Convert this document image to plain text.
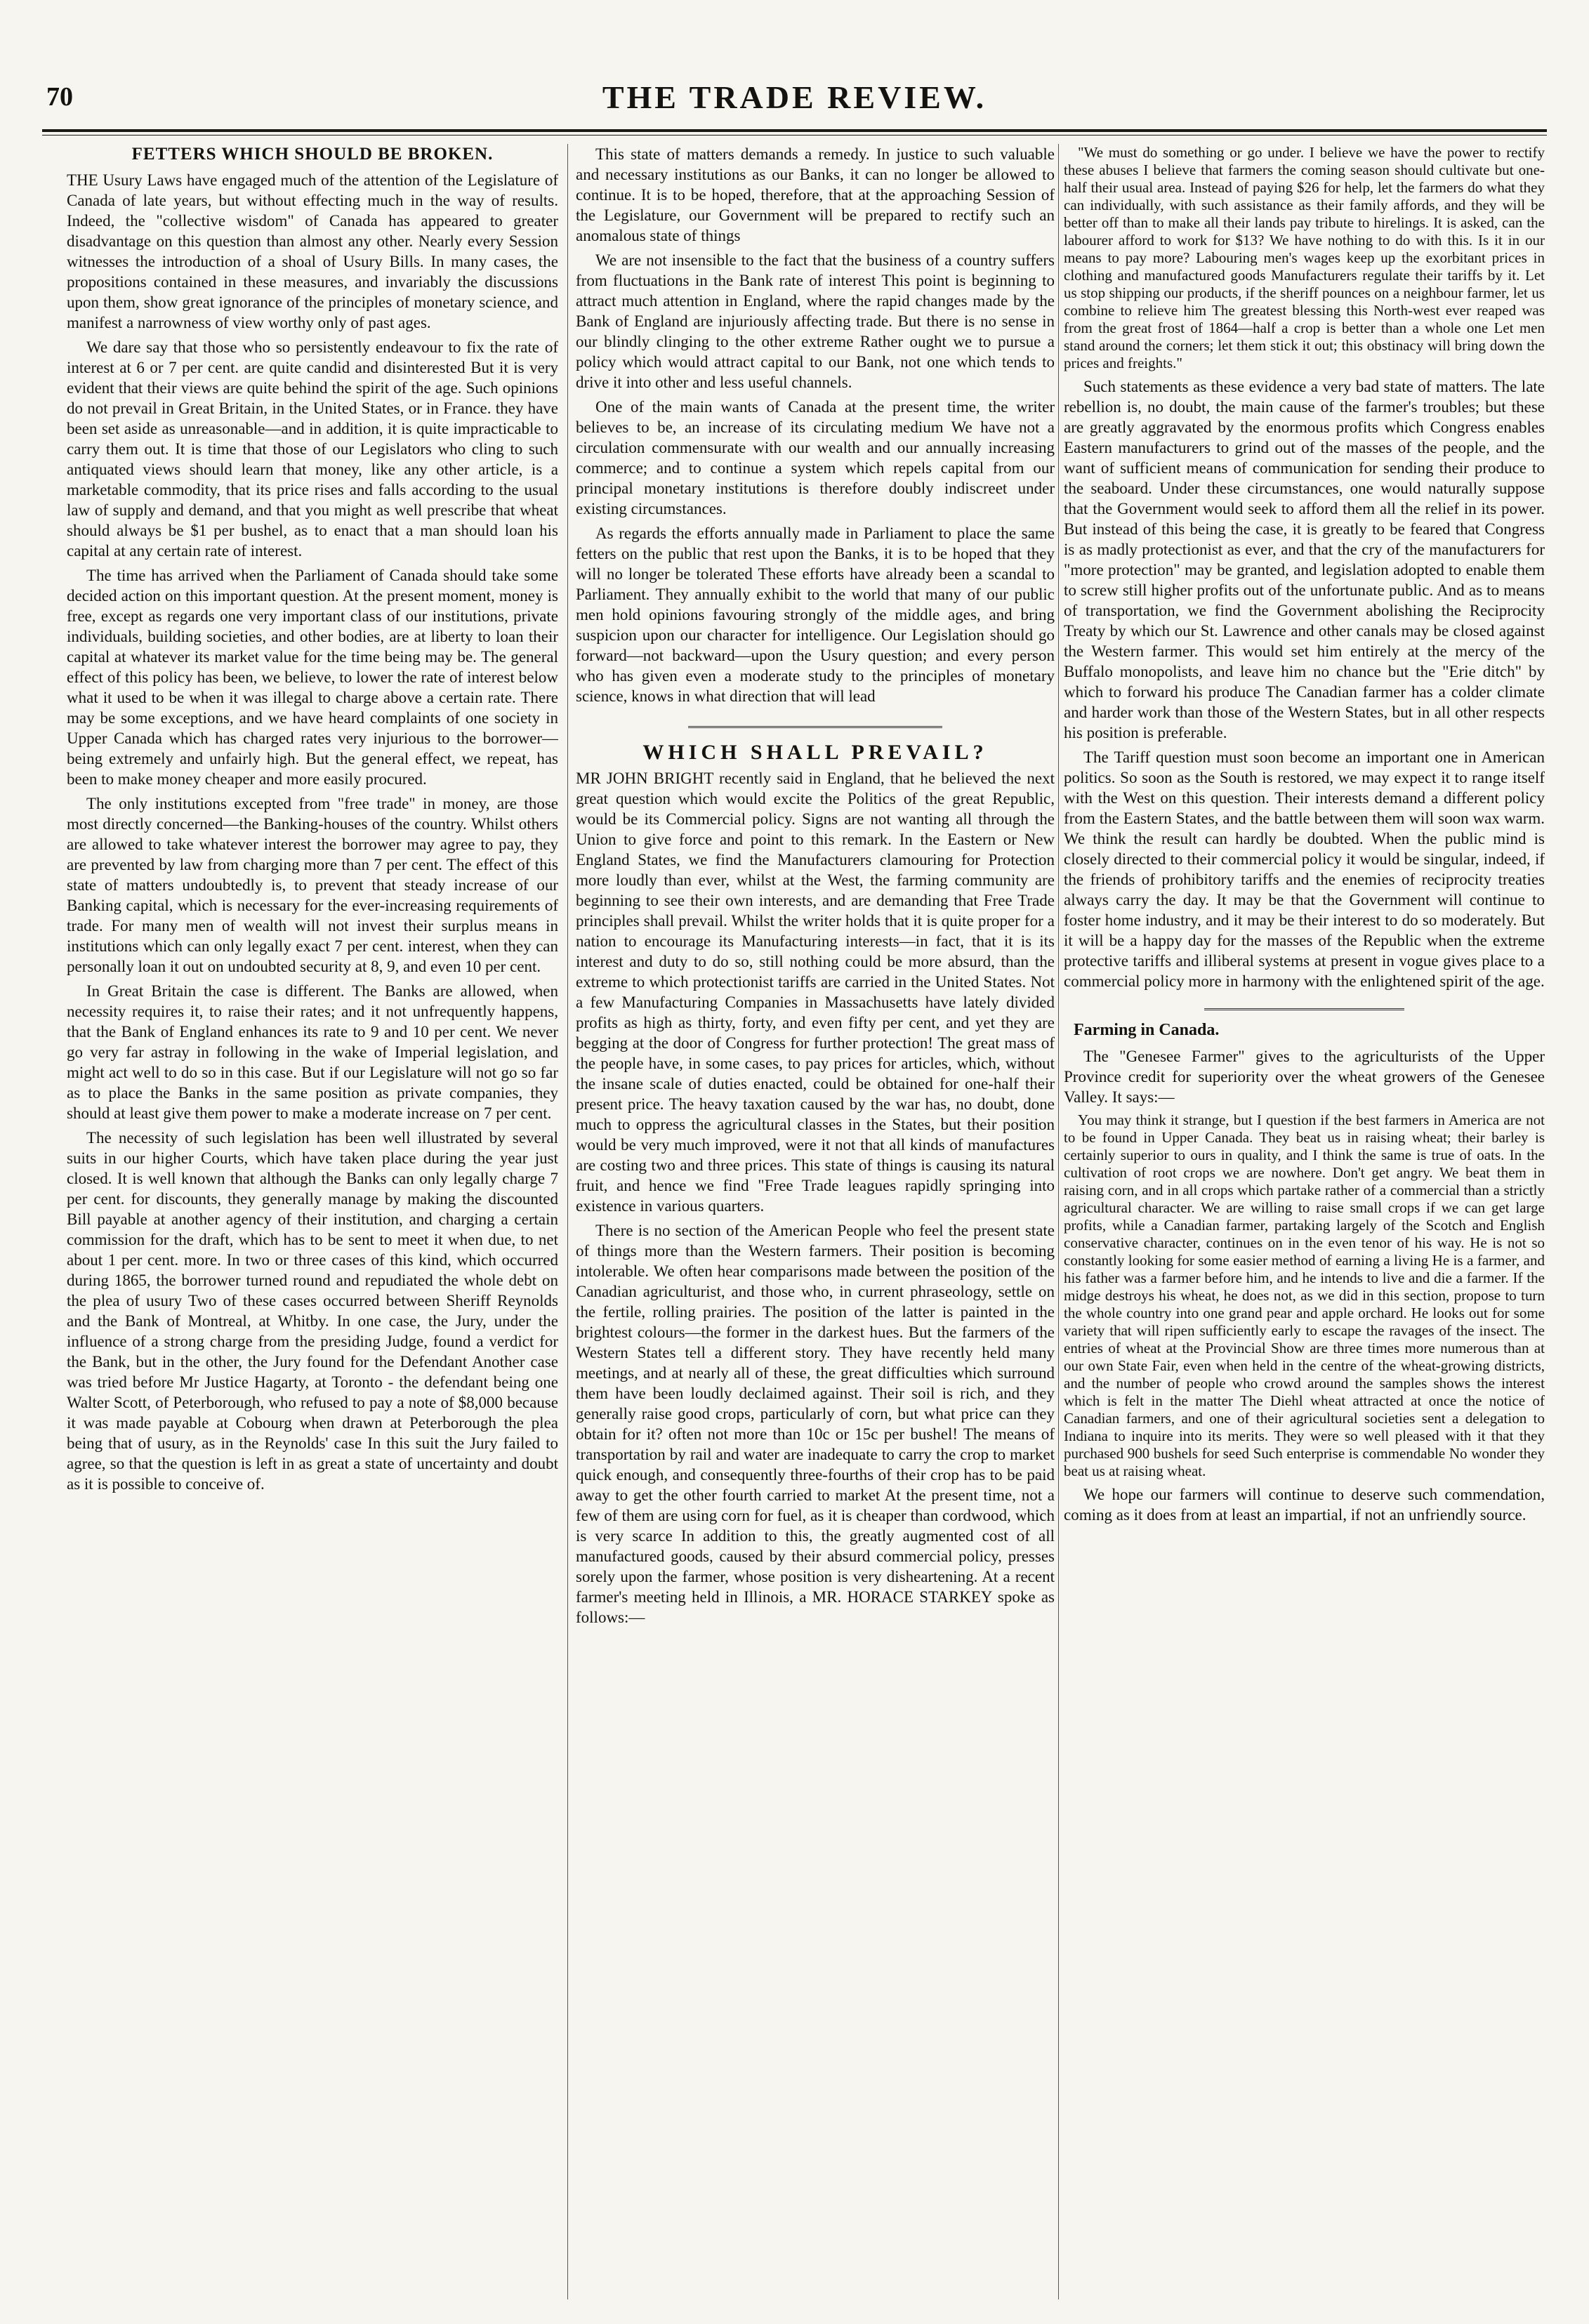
70	THE TRADE REVIEW.
FETTERS WHICH SHOULD BE BROKEN.

THE Usury Laws have engaged much of the attention of the Legislature of Canada of late years, but without effecting much in the way of results. Indeed, the "collective wisdom" of Canada has appeared to greater disadvantage on this question than almost any other. Nearly every Session witnesses the introduction of a shoal of Usury Bills. In many cases, the propositions contained in these measures, and invariably the discussions upon them, show great ignorance of the principles of monetary science, and manifest a narrowness of view worthy only of past ages.

We dare say that those who so persistently endeavour to fix the rate of interest at 6 or 7 per cent. are quite candid and disinterested But it is very evident that their views are quite behind the spirit of the age. Such opinions do not prevail in Great Britain, in the United States, or in France. they have been set aside as unreasonable—and in addition, it is quite impracticable to carry them out. It is time that those of our Legislators who cling to such antiquated views should learn that money, like any other article, is a marketable commodity, that its price rises and falls according to the usual law of supply and demand, and that you might as well prescribe that wheat should always be $1 per bushel, as to enact that a man should loan his capital at any certain rate of interest.

The time has arrived when the Parliament of Canada should take some decided action on this important question. At the present moment, money is free, except as regards one very important class of our institutions, private individuals, building societies, and other bodies, are at liberty to loan their capital at whatever its market value for the time being may be. The general effect of this policy has been, we believe, to lower the rate of interest below what it used to be when it was illegal to charge above a certain rate. There may be some exceptions, and we have heard complaints of one society in Upper Canada which has charged rates very injurious to the borrower—being extremely and unfairly high. But the general effect, we repeat, has been to make money cheaper and more easily procured.

The only institutions excepted from "free trade" in money, are those most directly concerned—the Banking-houses of the country. Whilst others are allowed to take whatever interest the borrower may agree to pay, they are prevented by law from charging more than 7 per cent. The effect of this state of matters undoubtedly is, to prevent that steady increase of our Banking capital, which is necessary for the ever-increasing requirements of trade. For many men of wealth will not invest their surplus means in institutions which can only legally exact 7 per cent. interest, when they can personally loan it out on undoubted security at 8, 9, and even 10 per cent.

In Great Britain the case is different. The Banks are allowed, when necessity requires it, to raise their rates; and it not unfrequently happens, that the Bank of England enhances its rate to 9 and 10 per cent. We never go very far astray in following in the wake of Imperial legislation, and might act well to do so in this case. But if our Legislature will not go so far as to place the Banks in the same position as private companies, they should at least give them power to make a moderate increase on 7 per cent.

The necessity of such legislation has been well illustrated by several suits in our higher Courts, which have taken place during the year just closed. It is well known that although the Banks can only legally charge 7 per cent. for discounts, they generally manage by making the discounted Bill payable at another agency of their institution, and charging a certain commission for the draft, which has to be sent to meet it when due, to net about 1 per cent. more. In two or three cases of this kind, which occurred during 1865, the borrower turned round and repudiated the whole debt on the plea of usury Two of these cases occurred between Sheriff Reynolds and the Bank of Montreal, at Whitby. In one case, the Jury, under the influence of a strong charge from the presiding Judge, found a verdict for the Bank, but in the other, the Jury found for the Defendant Another case was tried before Mr Justice Hagarty, at Toronto - the defendant being one Walter Scott, of Peterborough, who refused to pay a note of $8,000 because it was made payable at Cobourg when drawn at Peterborough the plea being that of usury, as in the Reynolds' case In this suit the Jury failed to agree, so that the question is left in as great a state of uncertainty and doubt as it is possible to conceive of.

This state of matters demands a remedy. In justice to such valuable and necessary institutions as our Banks, it can no longer be allowed to continue. It is to be hoped, therefore, that at the approaching Session of the Legislature, our Government will be prepared to rectify such an anomalous state of things

We are not insensible to the fact that the business of a country suffers from fluctuations in the Bank rate of interest This point is beginning to attract much attention in England, where the rapid changes made by the Bank of England are injuriously affecting trade. But there is no sense in our blindly clinging to the other extreme Rather ought we to pursue a policy which would attract capital to our Bank, not one which tends to drive it into other and less useful channels.

One of the main wants of Canada at the present time, the writer believes to be, an increase of its circulating medium We have not a circulation commensurate with our wealth and our annually increasing commerce; and to continue a system which repels capital from our principal monetary institutions is therefore doubly indiscreet under existing circumstances.

As regards the efforts annually made in Parliament to place the same fetters on the public that rest upon the Banks, it is to be hoped that they will no longer be tolerated These efforts have already been a scandal to Parliament. They annually exhibit to the world that many of our public men hold opinions favouring strongly of the middle ages, and bring suspicion upon our character for intelligence. Our Legislation should go forward—not backward—upon the Usury question; and every person who has given even a moderate study to the principles of monetary science, knows in what direction that will lead

WHICH SHALL PREVAIL?

MR JOHN BRIGHT recently said in England, that he believed the next great question which would excite the Politics of the great Republic, would be its Commercial policy. Signs are not wanting all through the Union to give force and point to this remark. In the Eastern or New England States, we find the Manufacturers clamouring for Protection more loudly than ever, whilst at the West, the farming community are beginning to see their own interests, and are demanding that Free Trade principles shall prevail. Whilst the writer holds that it is quite proper for a nation to encourage its Manufacturing interests—in fact, that it is its interest and duty to do so, still nothing could be more absurd, than the extreme to which protectionist tariffs are carried in the United States. Not a few Manufacturing Companies in Massachusetts have lately divided profits as high as thirty, forty, and even fifty per cent, and yet they are begging at the door of Congress for further protection! The great mass of the people have, in some cases, to pay prices for articles, which, without the insane scale of duties enacted, could be obtained for one-half their present price. The heavy taxation caused by the war has, no doubt, done much to oppress the agricultural classes in the States, but their position would be very much improved, were it not that all kinds of manufactures are costing two and three prices. This state of things is causing its natural fruit, and hence we find "Free Trade leagues rapidly springing into existence in various quarters.

There is no section of the American People who feel the present state of things more than the Western farmers. Their position is becoming intolerable. We often hear comparisons made between the position of the Canadian agriculturist, and those who, in current phraseology, settle on the fertile, rolling prairies. The position of the latter is painted in the brightest colours—the former in the darkest hues. But the farmers of the Western States tell a different story. They have recently held many meetings, and at nearly all of these, the great difficulties which surround them have been loudly declaimed against. Their soil is rich, and they generally raise good crops, particularly of corn, but what price can they obtain for it? often not more than 10c or 15c per bushel! The means of transportation by rail and water are inadequate to carry the crop to market quick enough, and consequently three-fourths of their crop has to be paid away to get the other fourth carried to market At the present time, not a few of them are using corn for fuel, as it is cheaper than cordwood, which is very scarce In addition to this, the greatly augmented cost of all manufactured goods, caused by their absurd commercial policy, presses sorely upon the farmer, whose position is very disheartening. At a recent farmer's meeting held in Illinois, a MR. HORACE STARKEY spoke as follows:—

"We must do something or go under. I believe we have the power to rectify these abuses I believe that farmers the coming season should cultivate but one-half their usual area. Instead of paying $26 for help, let the farmers do what they can individually, with such assistance as their family affords, and they will be better off than to make all their lands pay tribute to hirelings. It is asked, can the labourer afford to work for $13? We have nothing to do with this. Is it in our means to pay more? Labouring men's wages keep up the exorbitant prices in clothing and manufactured goods Manufacturers regulate their tariffs by it. Let us stop shipping our products, if the sheriff pounces on a neighbour farmer, let us combine to relieve him The greatest blessing this North-west ever reaped was from the great frost of 1864—half a crop is better than a whole one Let men stand around the corners; let them stick it out; this obstinacy will bring down the prices and freights."

Such statements as these evidence a very bad state of matters. The late rebellion is, no doubt, the main cause of the farmer's troubles; but these are greatly aggravated by the enormous profits which Congress enables Eastern manufacturers to grind out of the masses of the people, and the want of sufficient means of communication for sending their produce to the seaboard. Under these circumstances, one would naturally suppose that the Government would seek to afford them all the relief in its power. But instead of this being the case, it is greatly to be feared that Congress is as madly protectionist as ever, and that the cry of the manufacturers for "more protection" may be granted, and legislation adopted to enable them to screw still higher profits out of the unfortunate public. And as to means of transportation, we find the Government abolishing the Reciprocity Treaty by which our St. Lawrence and other canals may be closed against the Western farmer. This would set him entirely at the mercy of the Buffalo monopolists, and leave him no chance but the "Erie ditch" by which to forward his produce The Canadian farmer has a colder climate and harder work than those of the Western States, but in all other respects his position is preferable.

The Tariff question must soon become an important one in American politics. So soon as the South is restored, we may expect it to range itself with the West on this question. Their interests demand a different policy from the Eastern States, and the battle between them will soon wax warm. We think the result can hardly be doubted. When the public mind is closely directed to their commercial policy it would be singular, indeed, if the friends of prohibitory tariffs and the enemies of reciprocity treaties always carry the day. It may be that the Government will continue to foster home industry, and it may be their interest to do so moderately. But it will be a happy day for the masses of the Republic when the extreme protective tariffs and illiberal systems at present in vogue gives place to a commercial policy more in harmony with the enlightened spirit of the age.

Farming in Canada.

The "Genesee Farmer" gives to the agriculturists of the Upper Province credit for superiority over the wheat growers of the Genesee Valley. It says:—

You may think it strange, but I question if the best farmers in America are not to be found in Upper Canada. They beat us in raising wheat; their barley is certainly superior to ours in quality, and I think the same is true of oats. In the cultivation of root crops we are nowhere. Don't get angry. We beat them in raising corn, and in all crops which partake rather of a commercial than a strictly agricultural character. We are willing to raise small crops if we can get large profits, while a Canadian farmer, partaking largely of the Scotch and English conservative character, continues on in the even tenor of his way. He is not so constantly looking for some easier method of earning a living He is a farmer, and his father was a farmer before him, and he intends to live and die a farmer. If the midge destroys his wheat, he does not, as we did in this section, propose to turn the whole country into one grand pear and apple orchard. He looks out for some variety that will ripen sufficiently early to escape the ravages of the insect. The entries of wheat at the Provincial Show are three times more numerous than at our own State Fair, even when held in the centre of the wheat-growing districts, and the number of people who crowd around the samples shows the interest which is felt in the matter The Diehl wheat attracted at once the notice of Canadian farmers, and one of their agricultural societies sent a delegation to Indiana to inquire into its merits. They were so well pleased with it that they purchased 900 bushels for seed Such enterprise is commendable No wonder they beat us at raising wheat.

We hope our farmers will continue to deserve such commendation, coming as it does from at least an impartial, if not an unfriendly source.
